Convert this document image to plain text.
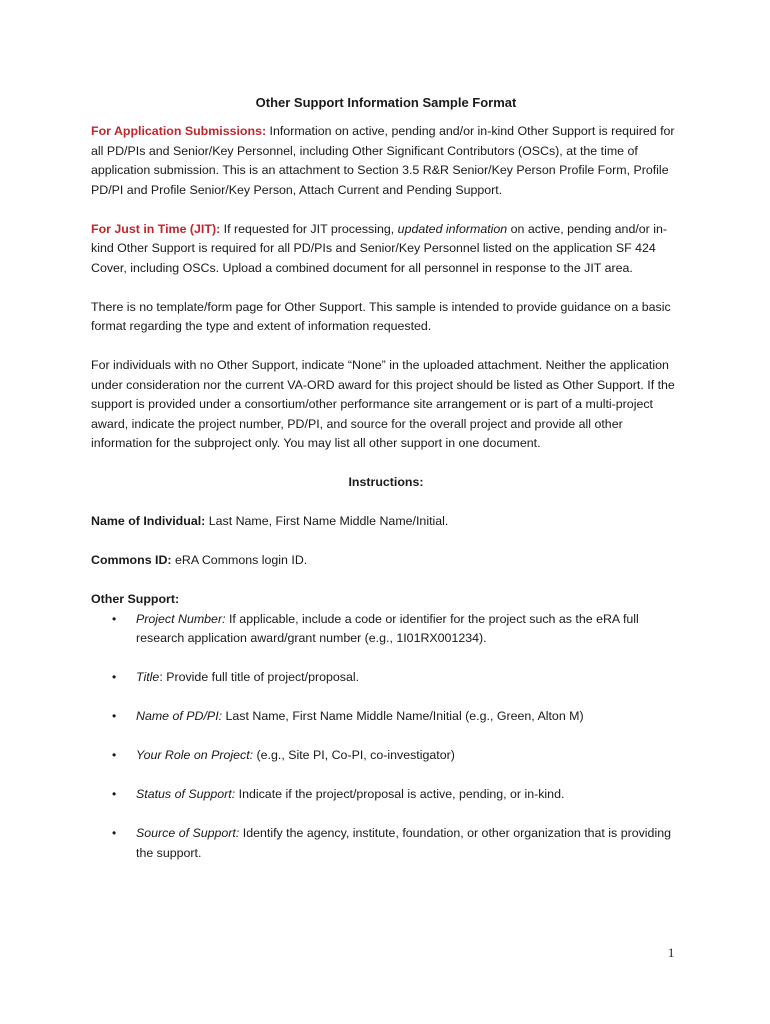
Other Support Information Sample Format

For Application Submissions: Information on active, pending and/or in-kind Other Support is required for all PD/PIs and Senior/Key Personnel, including Other Significant Contributors (OSCs), at the time of application submission. This is an attachment to Section 3.5 R&R Senior/Key Person Profile Form, Profile PD/PI and Profile Senior/Key Person, Attach Current and Pending Support.

For Just in Time (JIT): If requested for JIT processing, updated information on active, pending and/or in-kind Other Support is required for all PD/PIs and Senior/Key Personnel listed on the application SF 424 Cover, including OSCs. Upload a combined document for all personnel in response to the JIT area.

There is no template/form page for Other Support. This sample is intended to provide guidance on a basic format regarding the type and extent of information requested.

For individuals with no Other Support, indicate “None” in the uploaded attachment. Neither the application under consideration nor the current VA-ORD award for this project should be listed as Other Support. If the support is provided under a consortium/other performance site arrangement or is part of a multi-project award, indicate the project number, PD/PI, and source for the overall project and provide all other information for the subproject only. You may list all other support in one document.

Instructions:

Name of Individual: Last Name, First Name Middle Name/Initial.

Commons ID: eRA Commons login ID.

Other Support:

• Project Number: If applicable, include a code or identifier for the project such as the eRA full research application award/grant number (e.g., 1I01RX001234).
• Title: Provide full title of project/proposal.
• Name of PD/PI: Last Name, First Name Middle Name/Initial (e.g., Green, Alton M)
• Your Role on Project: (e.g., Site PI, Co-PI, co-investigator)
• Status of Support: Indicate if the project/proposal is active, pending, or in-kind.
• Source of Support: Identify the agency, institute, foundation, or other organization that is providing the support.
1
